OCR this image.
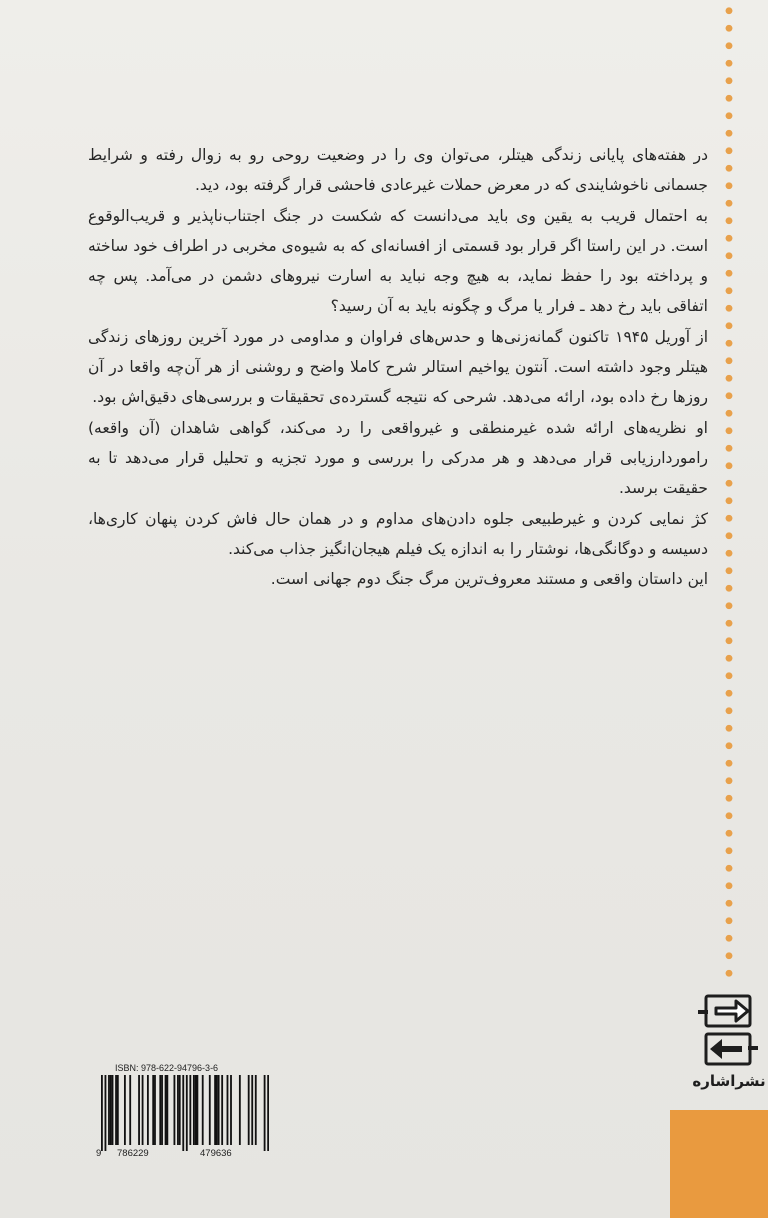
در هفته‌های پایانی زندگی هیتلر، می‌توان وی را در وضعیت روحی رو به زوال رفته و شرایط جسمانی ناخوشایندی که در معرض حملات غیرعادی فاحشی قرار گرفته بود، دید.

به احتمال قریب به یقین وی باید می‌دانست که شکست در جنگ اجتناب‌ناپذیر و قریب‌الوقوع است. در این راستا اگر قرار بود قسمتی از افسانه‌ای که به شیوه‌ی مخربی در اطراف خود ساخته و پرداخته بود را حفظ نماید، به هیچ وجه نباید به اسارت نیروهای دشمن در می‌آمد. پس چه اتفاقی باید رخ دهد ـ فرار یا مرگ و چگونه باید به آن رسید؟

از آوریل ۱۹۴۵ تاکنون گمانه‌زنی‌ها و حدس‌های فراوان و مداومی در مورد آخرین روزهای زندگی هیتلر وجود داشته است. آنتون یواخیم استالر شرح کاملا واضح و روشنی از هر آن‌چه واقعا در آن روزها رخ داده بود، ارائه می‌دهد. شرحی که نتیجه گسترده‌ی تحقیقات و بررسی‌های دقیق‌اش بود.

او نظریه‌های ارائه شده غیرمنطقی و غیرواقعی را رد می‌کند، گواهی شاهدان (آن واقعه) راموردارزیابی قرار می‌دهد و هر مدرکی را بررسی و مورد تجزیه و تحلیل قرار می‌دهد تا به حقیقت برسد.

کژ نمایی کردن و غیرطبیعی جلوه دادن‌های مداوم و در همان حال فاش کردن پنهان کاری‌ها، دسیسه و دوگانگی‌ها، نوشتار را به اندازه یک فیلم هیجان‌انگیز جذاب می‌کند.

این داستان واقعی و مستند معروف‌ترین مرگ جنگ دوم جهانی است.

ISBN: 978-622-94796-3-6
9 786229	479636
نشراشاره
